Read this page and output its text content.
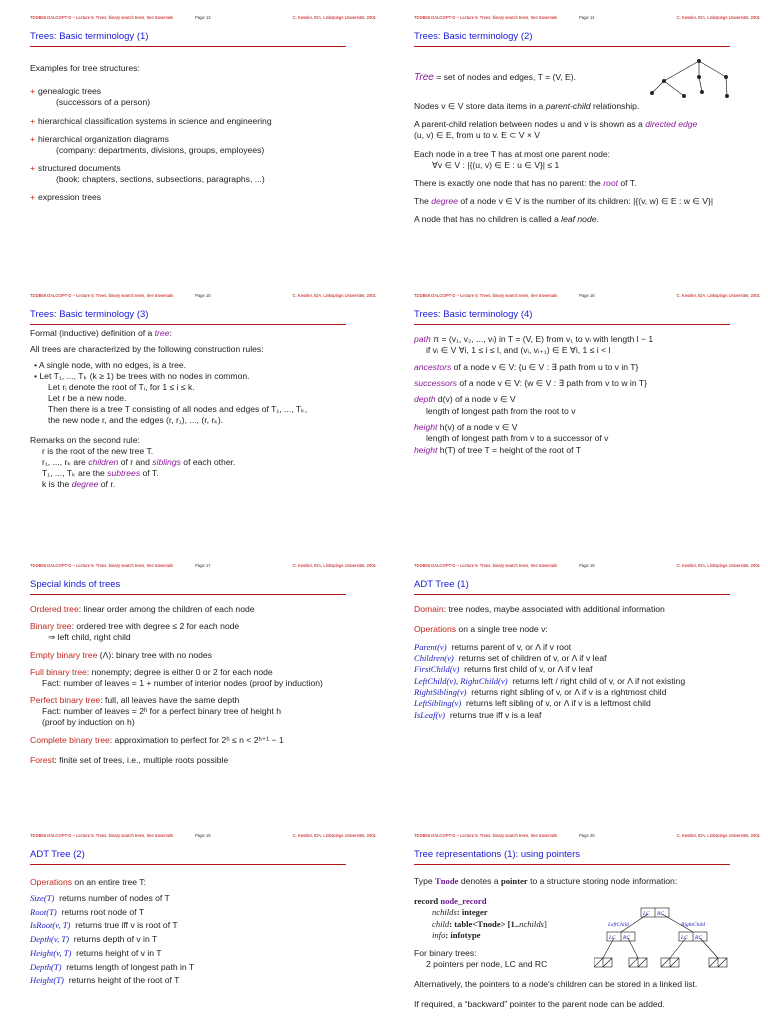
TDDB56 DALGOPT-D – Lecture 5: Trees, binary search trees, tree traversals	Page 13	C. Kessler, IDA, Linköpings Universitet, 2001
Trees: Basic terminology (1)

Examples for tree structures:

+ genealogic trees

(successors of a person)

+ hierarchical classification systems in science and engineering

+ hierarchical organization diagrams

(company: departments, divisions, groups, employees)

+ structured documents

(book: chapters, sections, subsections, paragraphs, ...)

+ expression trees

TDDB56 DALGOPT-D – Lecture 5: Trees, binary search trees, tree traversals	Page 14	C. Kessler, IDA, Linköpings Universitet, 2001
Trees: Basic terminology (2)

Tree = set of nodes and edges, T = (V, E).

Nodes v ∈ V store data items in a parent-child relationship.

A parent-child relation between nodes u and v is shown as a directed edge

(u, v) ∈ E, from u to v. E ⊂ V × V

Each node in a tree T has at most one parent node:

∀v ∈ V : |{(u, v) ∈ E : u ∈ V}| ≤ 1

There is exactly one node that has no parent: the root of T.

The degree of a node v ∈ V is the number of its children: |{(v, w) ∈ E : w ∈ V}|

A node that has no children is called a leaf node.

TDDB56 DALGOPT-D – Lecture 5: Trees, binary search trees, tree traversals	Page 15	C. Kessler, IDA, Linköpings Universitet, 2001
Trees: Basic terminology (3)

Formal (inductive) definition of a tree:

All trees are characterized by the following construction rules:

• A single node, with no edges, is a tree.

• Let T₁, ..., Tₖ (k ≥ 1) be trees with no nodes in common.

Let rᵢ denote the root of Tᵢ, for 1 ≤ i ≤ k.

Let r be a new node.

Then there is a tree T consisting of all nodes and edges of T₁, ..., Tₖ,

the new node r, and the edges (r, r₁), ..., (r, rₖ).

Remarks on the second rule:

r is the root of the new tree T.

r₁, ..., rₖ are children of r and siblings of each other.

T₁, ..., Tₖ are the subtrees of T.

k is the degree of r.

TDDB56 DALGOPT-D – Lecture 5: Trees, binary search trees, tree traversals	Page 16	C. Kessler, IDA, Linköpings Universitet, 2001
Trees: Basic terminology (4)

path π = (v₁, v₂, ..., vₗ) in T = (V, E) from v₁ to vₗ with length l − 1

if vᵢ ∈ V ∀i, 1 ≤ i ≤ l, and (vᵢ, vᵢ₊₁) ∈ E ∀i, 1 ≤ i < l

ancestors of a node v ∈ V: {u ∈ V : ∃ path from u to v in T}

successors of a node v ∈ V: {w ∈ V : ∃ path from v to w in T}

depth d(v) of a node v ∈ V

length of longest path from the root to v

height h(v) of a node v ∈ V

length of longest path from v to a successor of v

height h(T) of tree T = height of the root of T

TDDB56 DALGOPT-D – Lecture 5: Trees, binary search trees, tree traversals	Page 17	C. Kessler, IDA, Linköpings Universitet, 2001
Special kinds of trees

Ordered tree: linear order among the children of each node

Binary tree: ordered tree with degree ≤ 2 for each node

⇒ left child, right child

Empty binary tree (Λ): binary tree with no nodes

Full binary tree: nonempty; degree is either 0 or 2 for each node

Fact: number of leaves = 1 + number of interior nodes (proof by induction)

Perfect binary tree: full, all leaves have the same depth

Fact: number of leaves = 2ʰ for a perfect binary tree of height h

(proof by induction on h)

Complete binary tree: approximation to perfect for 2ʰ ≤ n < 2ʰ⁺¹ − 1

Forest: finite set of trees, i.e., multiple roots possible

TDDB56 DALGOPT-D – Lecture 5: Trees, binary search trees, tree traversals	Page 18	C. Kessler, IDA, Linköpings Universitet, 2001
ADT Tree (1)

Domain: tree nodes, maybe associated with additional information

Operations on a single tree node v:

Parent(v) returns parent of v, or Λ if v root

Children(v) returns set of children of v, or Λ if v leaf

FirstChild(v) returns first child of v, or Λ if v leaf

LeftChild(v), RightChild(v) returns left / right child of v, or Λ if not existing

RightSibling(v) returns right sibling of v, or Λ if v is a rightmost child

LeftSibling(v) returns left sibling of v, or Λ if v is a leftmost child

IsLeaf(v) returns true iff v is a leaf

TDDB56 DALGOPT-D – Lecture 5: Trees, binary search trees, tree traversals	Page 19	C. Kessler, IDA, Linköpings Universitet, 2001
ADT Tree (2)

Operations on an entire tree T:

Size(T) returns number of nodes of T

Root(T) returns root node of T

IsRoot(v, T) returns true iff v is root of T

Depth(v, T) returns depth of v in T

Height(v, T) returns height of v in T

Depth(T) returns length of longest path in T

Height(T) returns height of the root of T

TDDB56 DALGOPT-D – Lecture 5: Trees, binary search trees, tree traversals	Page 20	C. Kessler, IDA, Linköpings Universitet, 2001
Tree representations (1): using pointers

Type Tnode denotes a pointer to a structure storing node information:

record node_record

nchilds: integer

child: table<Tnode> [1..nchilds]

info: infotype

For binary trees:

2 pointers per node, LC and RC

Alternatively, the pointers to a node's children can be stored in a linked list.

If required, a “backward” pointer to the parent node can be added.

LC RC
LC RC	LC RC
LeftChild	RightChild
